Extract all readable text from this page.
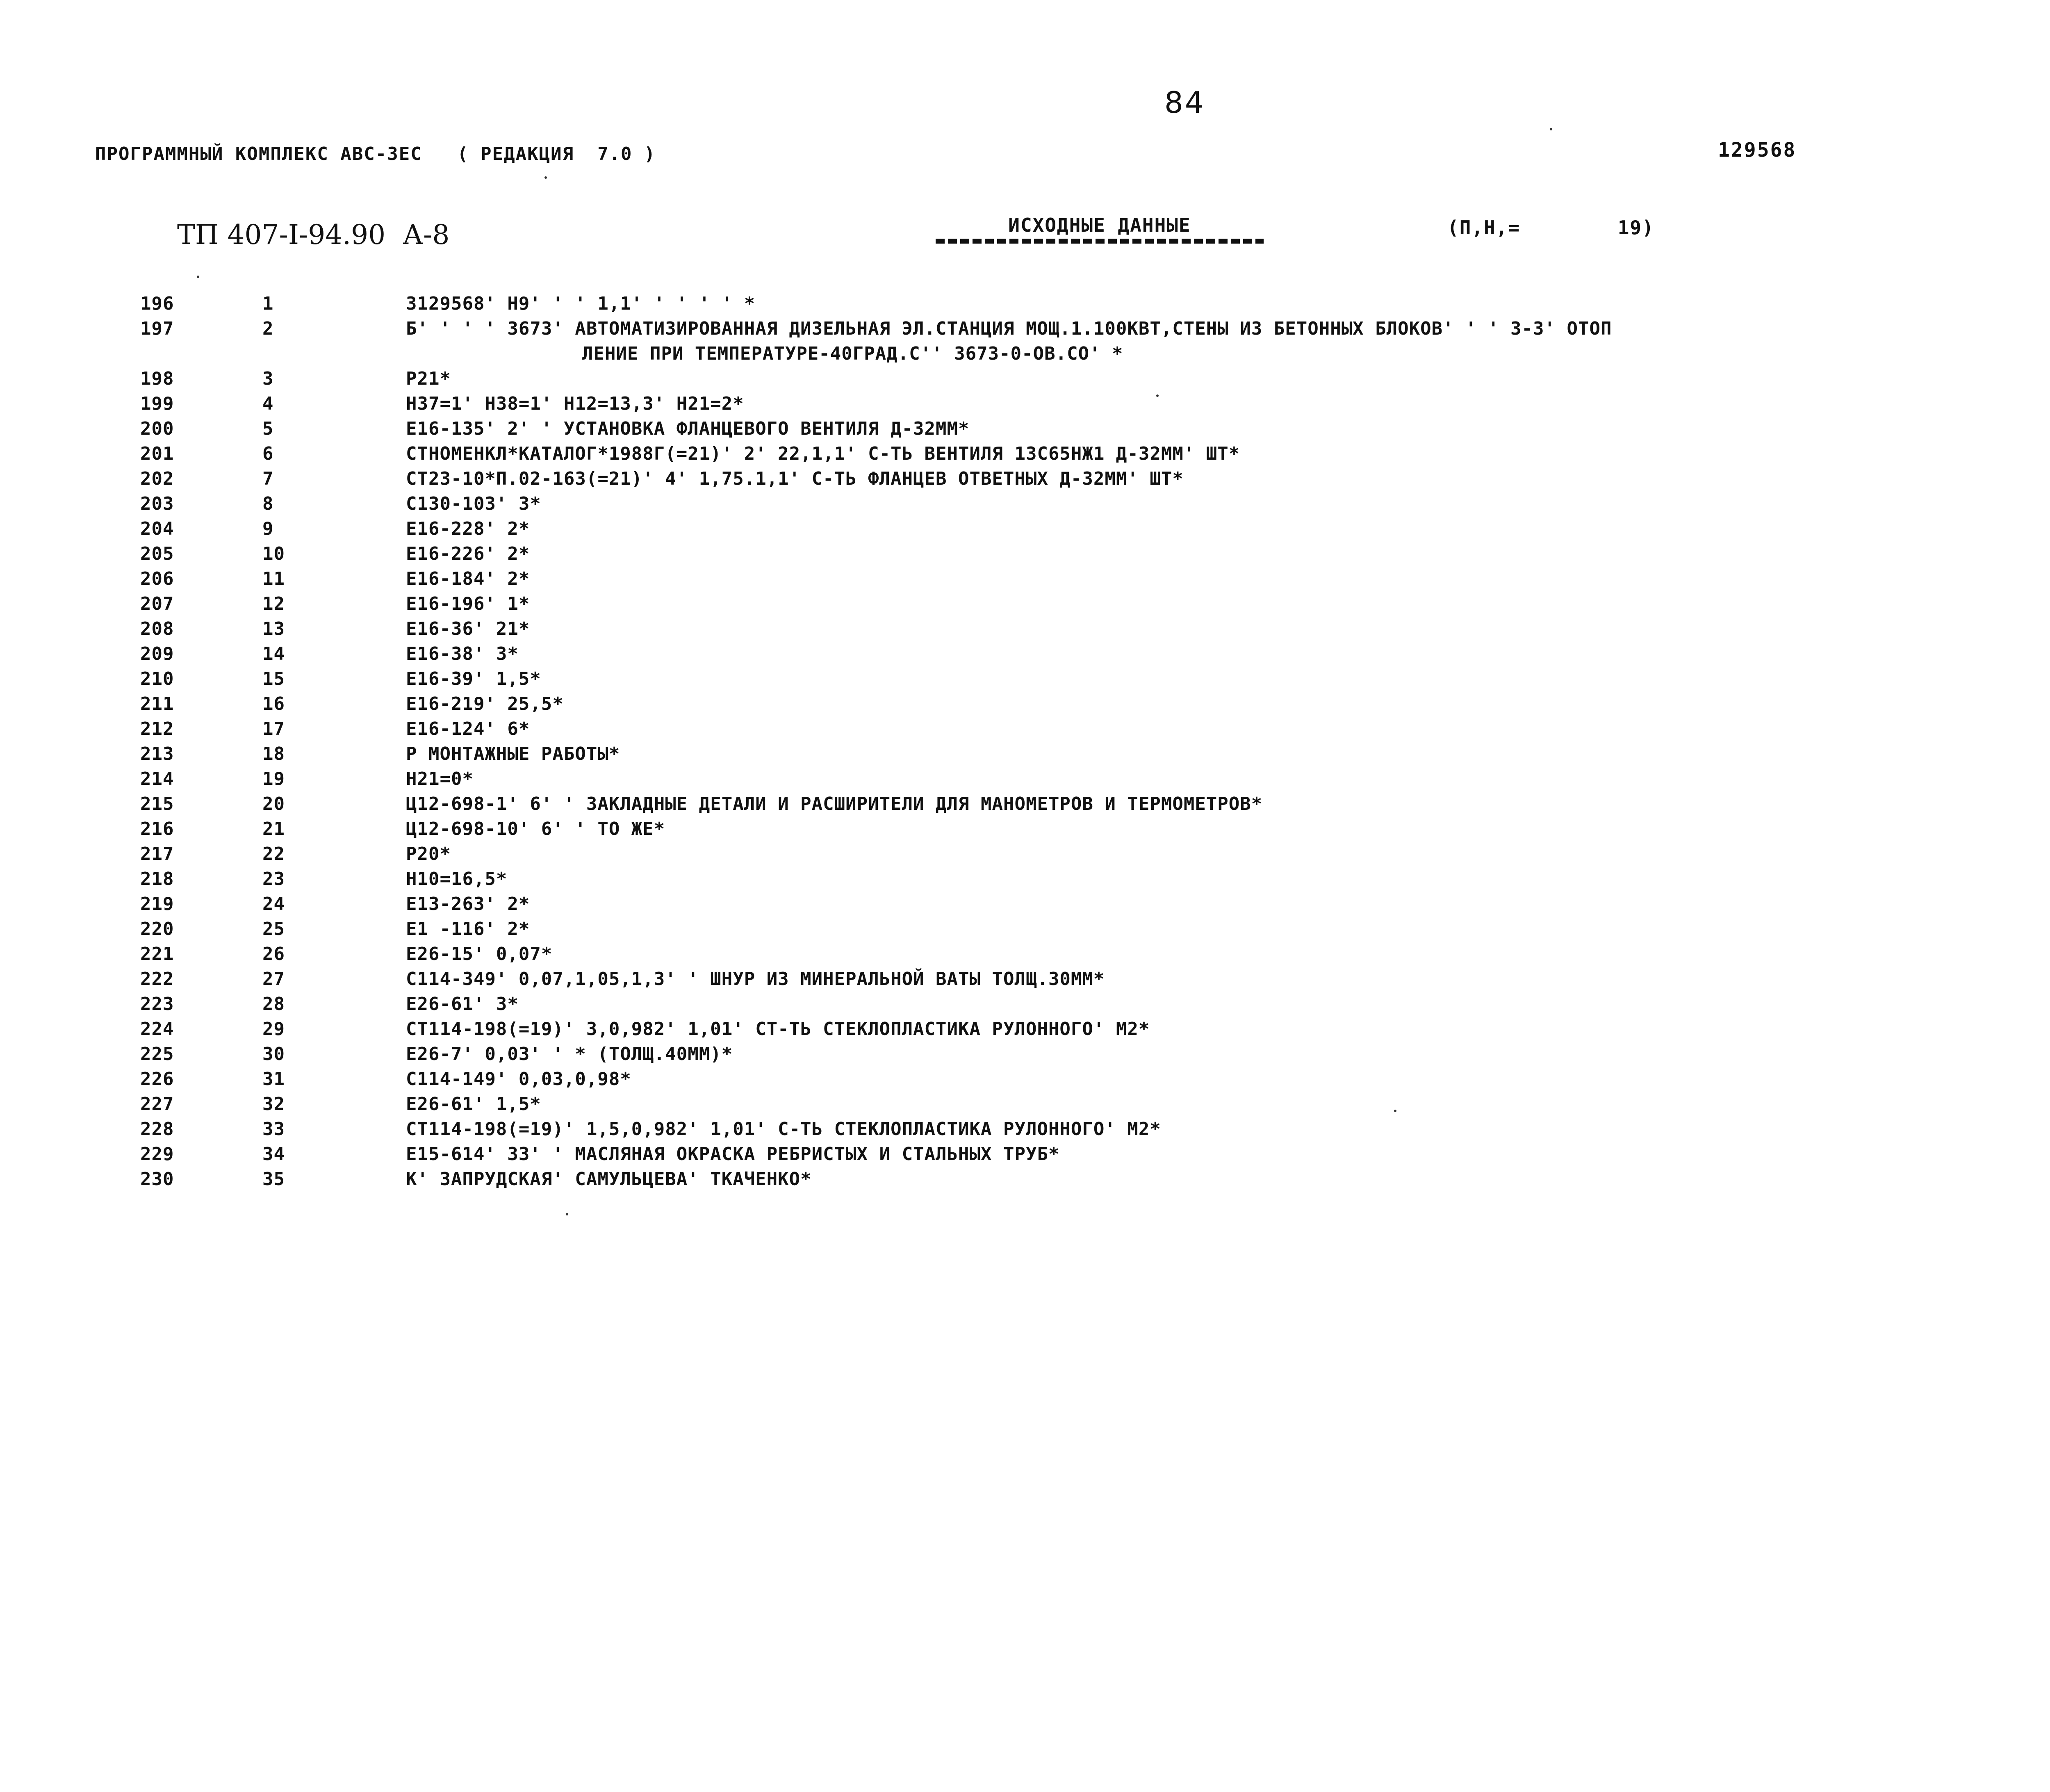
84
ПРОГРАММНЫЙ КОМПЛЕКС АВС-ЗЕС   ( РЕДАКЦИЯ  7.0 )	129568
ТП 407-I-94.90  А-8	ИСХОДНЫЕ ДАННЫЕ	(П,Н,=        19)
196	1	3129568' Н9' ' ' 1,1' ' ' ' ' *
197	2	Б' ' ' ' 3673' АВТОМАТИЗИРОВАННАЯ ДИЗЕЛЬНАЯ ЭЛ.СТАНЦИЯ МОЩ.1.100КВТ,СТЕНЫ ИЗ БЕТОННЫХ БЛОКОВ' ' ' 3-3' ОТОП
ЛЕНИЕ ПРИ ТЕМПЕРАТУРЕ-40ГРАД.С'' 3673-0-ОВ.СО' *
198	3	Р21*
199	4	Н37=1' Н38=1' Н12=13,3' Н21=2*
200	5	Е16-135' 2' ' УСТАНОВКА ФЛАНЦЕВОГО ВЕНТИЛЯ Д-32ММ*
201	6	СТНОМЕНКЛ*КАТАЛОГ*1988Г(=21)' 2' 22,1,1' С-ТЬ ВЕНТИЛЯ 13С65НЖ1 Д-32ММ' ШТ*
202	7	СТ23-10*П.02-163(=21)' 4' 1,75.1,1' С-ТЬ ФЛАНЦЕВ ОТВЕТНЫХ Д-32ММ' ШТ*
203	8	С130-103' 3*
204	9	Е16-228' 2*
205	10	Е16-226' 2*
206	11	Е16-184' 2*
207	12	Е16-196' 1*
208	13	Е16-36' 21*
209	14	Е16-38' 3*
210	15	Е16-39' 1,5*
211	16	Е16-219' 25,5*
212	17	Е16-124' 6*
213	18	Р МОНТАЖНЫЕ РАБОТЫ*
214	19	Н21=0*
215	20	Ц12-698-1' 6' ' ЗАКЛАДНЫЕ ДЕТАЛИ И РАСШИРИТЕЛИ ДЛЯ МАНОМЕТРОВ И ТЕРМОМЕТРОВ*
216	21	Ц12-698-10' 6' ' ТО ЖЕ*
217	22	Р20*
218	23	Н10=16,5*
219	24	Е13-263' 2*
220	25	Е1 -116' 2*
221	26	Е26-15' 0,07*
222	27	С114-349' 0,07,1,05,1,3' ' ШНУР ИЗ МИНЕРАЛЬНОЙ ВАТЫ ТОЛЩ.30ММ*
223	28	Е26-61' 3*
224	29	СТ114-198(=19)' 3,0,982' 1,01' СТ-ТЬ СТЕКЛОПЛАСТИКА РУЛОННОГО' М2*
225	30	Е26-7' 0,03' ' * (ТОЛЩ.40ММ)*
226	31	С114-149' 0,03,0,98*
227	32	Е26-61' 1,5*
228	33	СТ114-198(=19)' 1,5,0,982' 1,01' С-ТЬ СТЕКЛОПЛАСТИКА РУЛОННОГО' М2*
229	34	Е15-614' 33' ' МАСЛЯНАЯ ОКРАСКА РЕБРИСТЫХ И СТАЛЬНЫХ ТРУБ*
230	35	К' ЗАПРУДСКАЯ' САМУЛЬЦЕВА' ТКАЧЕНКО*
